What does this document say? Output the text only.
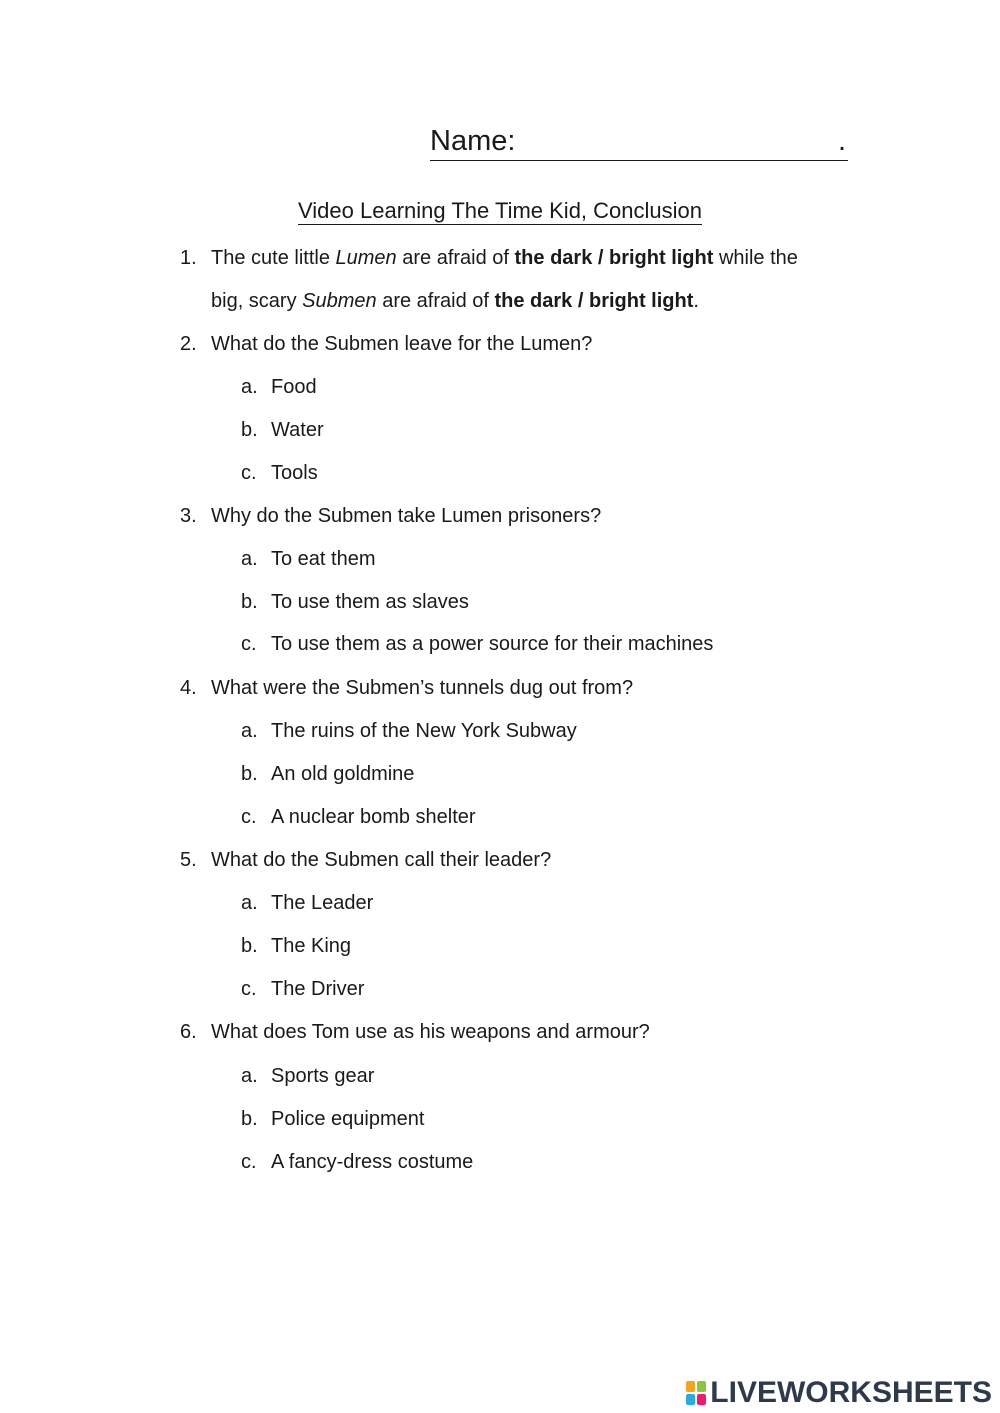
Name:	.
Video Learning The Time Kid, Conclusion
1. The cute little Lumen are afraid of the dark / bright light while the
big, scary Submen are afraid of the dark / bright light.
2. What do the Submen leave for the Lumen?
a. Food
b. Water
c. Tools
3. Why do the Submen take Lumen prisoners?
a. To eat them
b. To use them as slaves
c. To use them as a power source for their machines
4. What were the Submen’s tunnels dug out from?
a. The ruins of the New York Subway
b. An old goldmine
c. A nuclear bomb shelter
5. What do the Submen call their leader?
a. The Leader
b. The King
c. The Driver
6. What does Tom use as his weapons and armour?
a. Sports gear
b. Police equipment
c. A fancy-dress costume
LIVEWORKSHEETS
